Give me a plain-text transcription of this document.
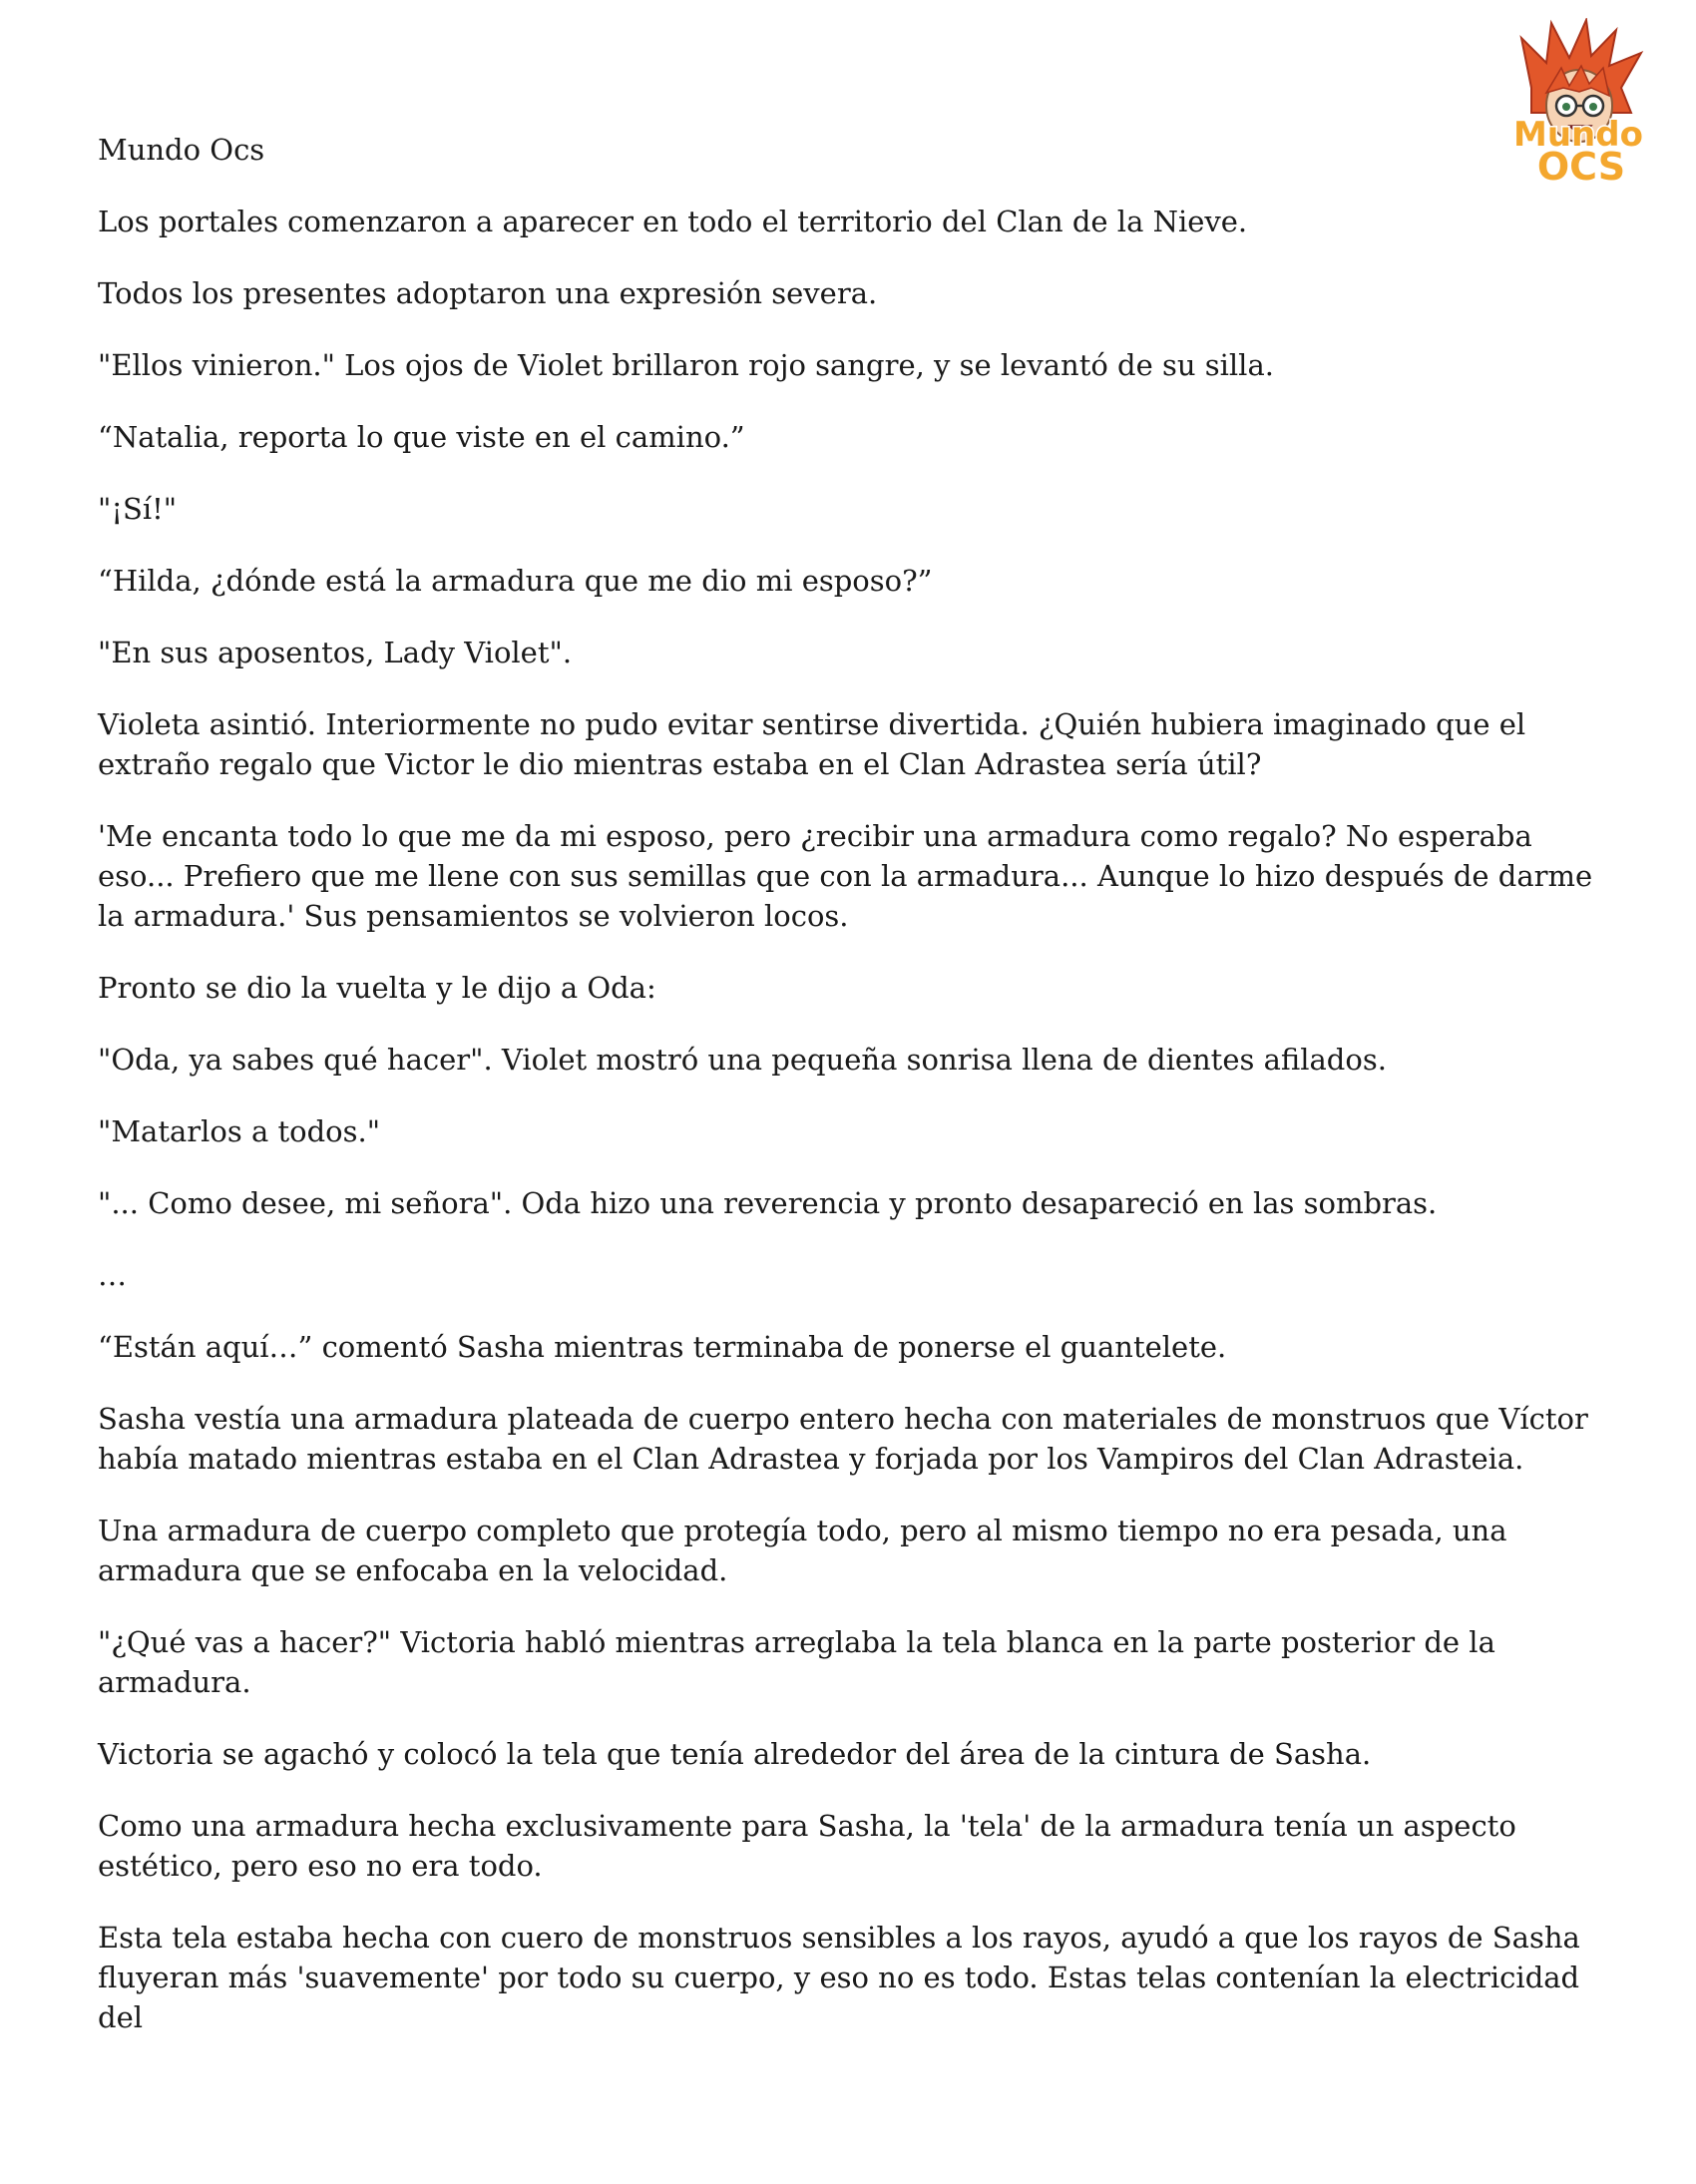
Mundo
OCS

Mundo Ocs

Los portales comenzaron a aparecer en todo el territorio del Clan de la Nieve.

Todos los presentes adoptaron una expresión severa.

"Ellos vinieron." Los ojos de Violet brillaron rojo sangre, y se levantó de su silla.

“Natalia, reporta lo que viste en el camino.”

"¡Sí!"

“Hilda, ¿dónde está la armadura que me dio mi esposo?”

"En sus aposentos, Lady Violet".

Violeta asintió. Interiormente no pudo evitar sentirse divertida. ¿Quién hubiera imaginado que el extraño regalo que Victor le dio mientras estaba en el Clan Adrastea sería útil?

'Me encanta todo lo que me da mi esposo, pero ¿recibir una armadura como regalo? No esperaba eso... Prefiero que me llene con sus semillas que con la armadura... Aunque lo hizo después de darme la armadura.' Sus pensamientos se volvieron locos.

Pronto se dio la vuelta y le dijo a Oda:

"Oda, ya sabes qué hacer". Violet mostró una pequeña sonrisa llena de dientes afilados.

"Matarlos a todos."

"... Como desee, mi señora". Oda hizo una reverencia y pronto desapareció en las sombras.

…

“Están aquí…” comentó Sasha mientras terminaba de ponerse el guantelete.

Sasha vestía una armadura plateada de cuerpo entero hecha con materiales de monstruos que Víctor había matado mientras estaba en el Clan Adrastea y forjada por los Vampiros del Clan Adrasteia.

Una armadura de cuerpo completo que protegía todo, pero al mismo tiempo no era pesada, una armadura que se enfocaba en la velocidad.

"¿Qué vas a hacer?" Victoria habló mientras arreglaba la tela blanca en la parte posterior de la armadura.

Victoria se agachó y colocó la tela que tenía alrededor del área de la cintura de Sasha.

Como una armadura hecha exclusivamente para Sasha, la 'tela' de la armadura tenía un aspecto estético, pero eso no era todo.

Esta tela estaba hecha con cuero de monstruos sensibles a los rayos, ayudó a que los rayos de Sasha fluyeran más 'suavemente' por todo su cuerpo, y eso no es todo. Estas telas contenían la electricidad del
